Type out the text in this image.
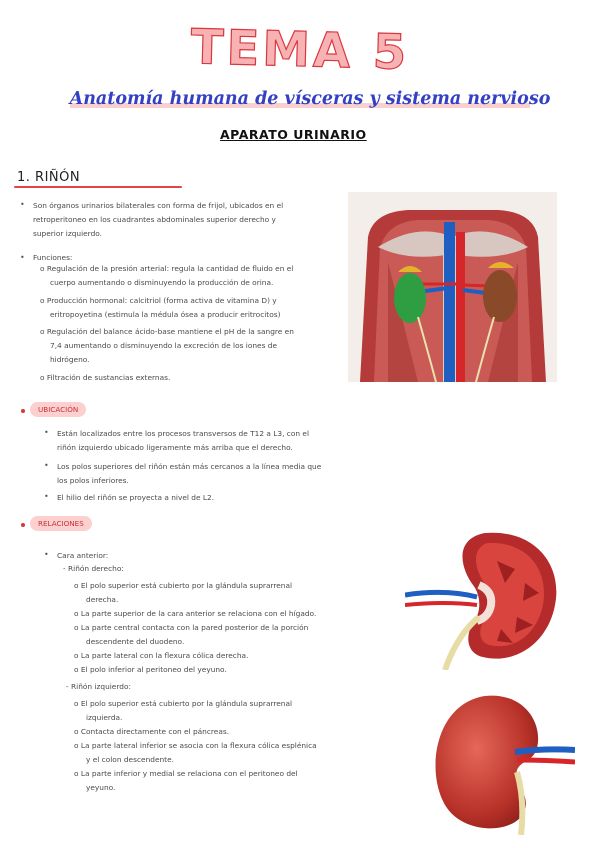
TEMA 5
Anatomía humana de vísceras y sistema nervioso
APARATO URINARIO
1. RIÑÓN
• Son órganos urinarios bilaterales con forma de frijol, ubicados en el
retroperitoneo en los cuadrantes abdominales superior derecho y
superior izquierdo.
• Funciones:
o Regulación de la presión arterial: regula la cantidad de fluido en el
cuerpo aumentando o disminuyendo la producción de orina.
o Producción hormonal: calcitriol (forma activa de vitamina D) y
eritropoyetina (estimula la médula ósea a producir eritrocitos)
o Regulación del balance ácido-base mantiene el pH de la sangre en
7,4 aumentando o disminuyendo la excreción de los iones de
hidrógeno.
o Filtración de sustancias externas.
UBICACIÓN
• Están localizados entre los procesos transversos de T12 a L3, con el
riñón izquierdo ubicado ligeramente más arriba que el derecho.
• Los polos superiores del riñón están más cercanos a la línea media que
los polos inferiores.
• El hilio del riñón se proyecta a nivel de L2.
RELACIONES
• Cara anterior:
- Riñón derecho:
o El polo superior está cubierto por la glándula suprarrenal
derecha.
o La parte superior de la cara anterior se relaciona con el hígado.
o La parte central contacta con la pared posterior de la porción
descendente del duodeno.
o La parte lateral con la flexura cólica derecha.
o El polo inferior al peritoneo del yeyuno.
- Riñón izquierdo:
o El polo superior está cubierto por la glándula suprarrenal
izquierda.
o Contacta directamente con el páncreas.
o La parte lateral inferior se asocia con la flexura cólica esplénica
y el colon descendente.
o La parte inferior y medial se relaciona con el peritoneo del
yeyuno.
